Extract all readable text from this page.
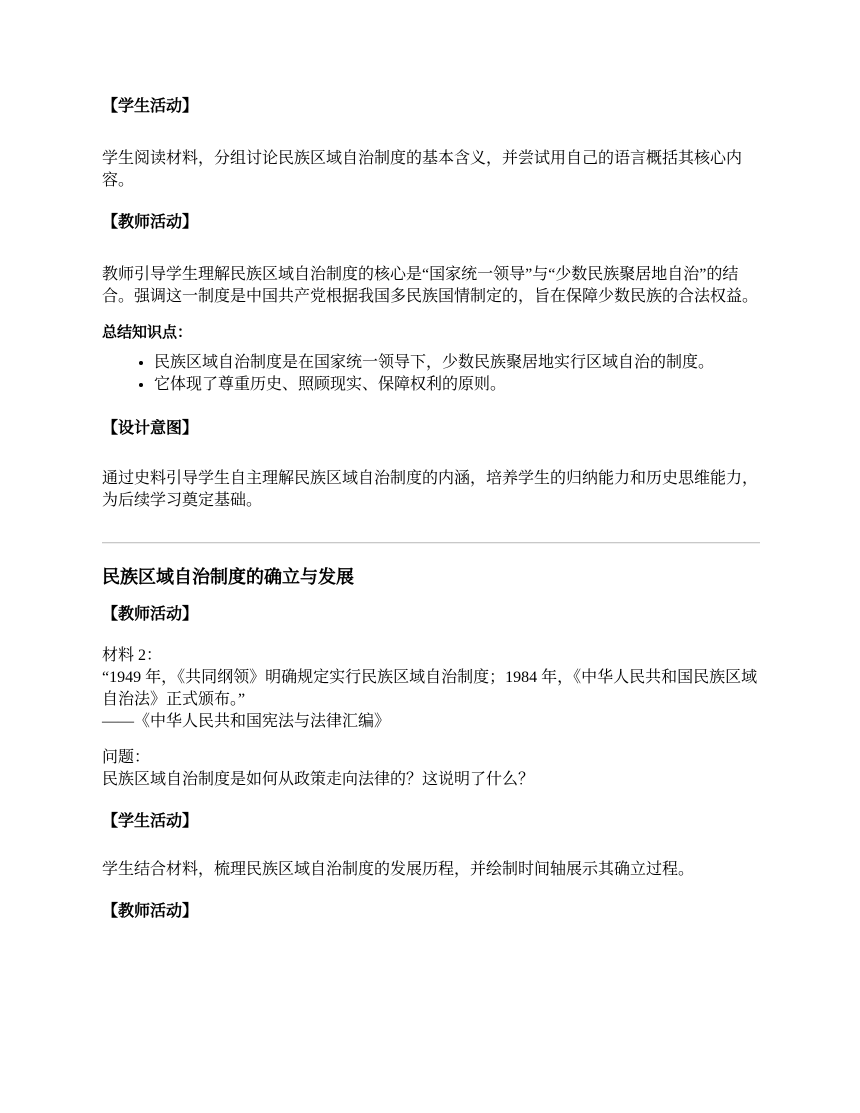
【学生活动】

学生阅读材料，分组讨论民族区域自治制度的基本含义，并尝试用自己的语言概括其核心内容。

【教师活动】

教师引导学生理解民族区域自治制度的核心是“国家统一领导”与“少数民族聚居地自治”的结合。强调这一制度是中国共产党根据我国多民族国情制定的，旨在保障少数民族的合法权益。

总结知识点：

• 民族区域自治制度是在国家统一领导下，少数民族聚居地实行区域自治的制度。
• 它体现了尊重历史、照顾现实、保障权利的原则。

【设计意图】

通过史料引导学生自主理解民族区域自治制度的内涵，培养学生的归纳能力和历史思维能力，为后续学习奠定基础。

民族区域自治制度的确立与发展

【教师活动】

材料 2：

“1949 年，《共同纲领》明确规定实行民族区域自治制度；1984 年，《中华人民共和国民族区域自治法》正式颁布。”

——《中华人民共和国宪法与法律汇编》

问题：

民族区域自治制度是如何从政策走向法律的？这说明了什么？

【学生活动】

学生结合材料，梳理民族区域自治制度的发展历程，并绘制时间轴展示其确立过程。

【教师活动】
